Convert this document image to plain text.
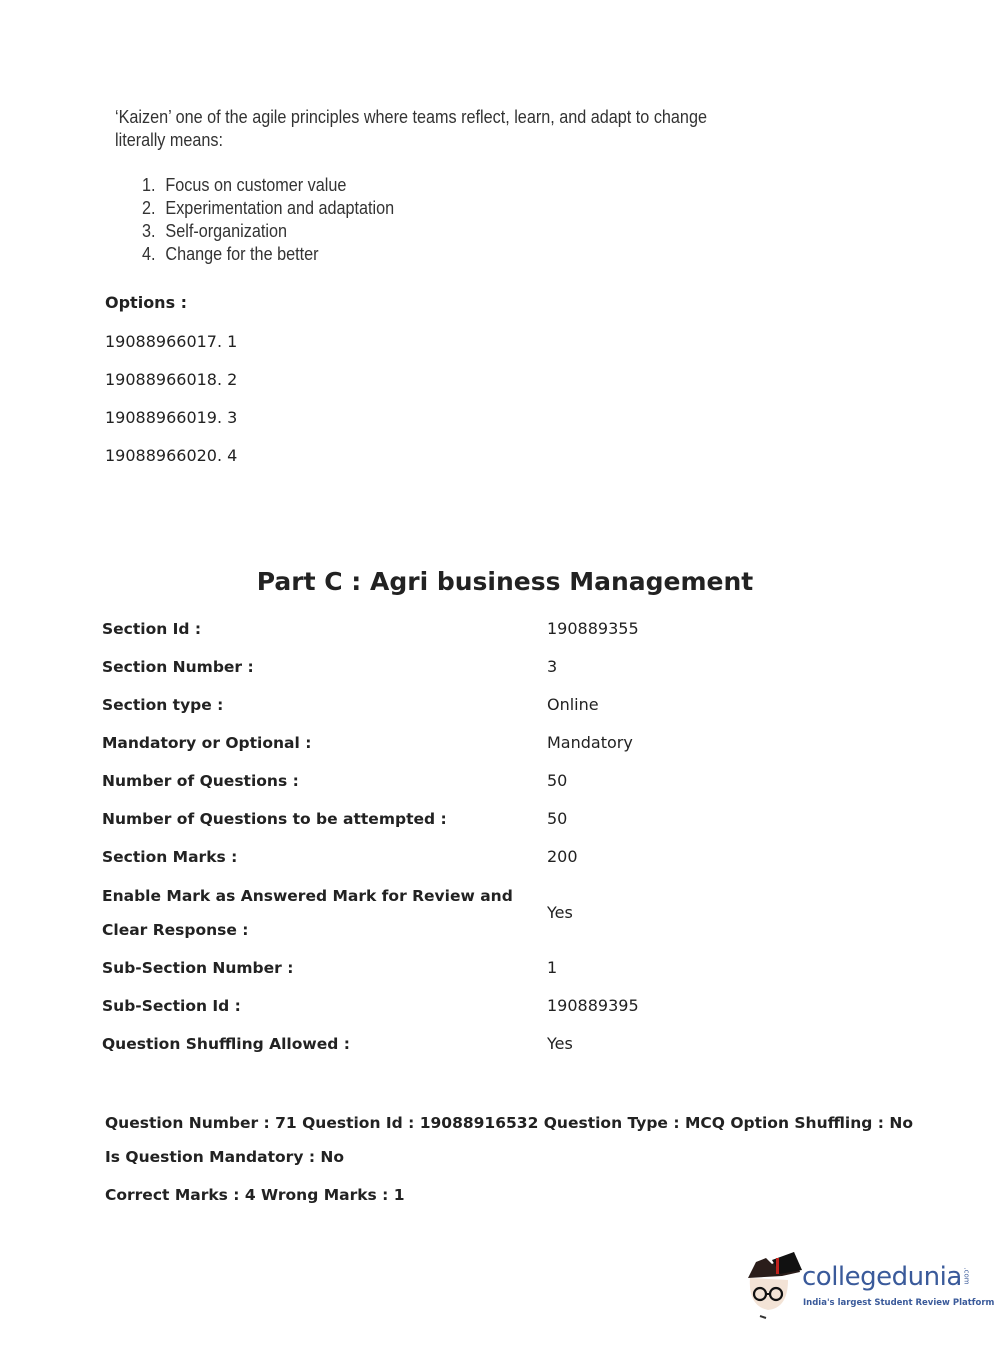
‘Kaizen’ one of the agile principles where teams reflect, learn, and adapt to change literally means:
1. Focus on customer value
2. Experimentation and adaptation
3. Self-organization
4. Change for the better
Options :
19088966017. 1
19088966018. 2
19088966019. 3
19088966020. 4
Part C : Agri business Management
Section Id :	190889355
Section Number :	3
Section type :	Online
Mandatory or Optional :	Mandatory
Number of Questions :	50
Number of Questions to be attempted :	50
Section Marks :	200
Enable Mark as Answered Mark for Review and Clear Response :
Yes
Sub-Section Number :	1
Sub-Section Id :	190889395
Question Shuffling Allowed :	Yes
Question Number : 71 Question Id : 19088916532 Question Type : MCQ Option Shuffling : No
Is Question Mandatory : No
Correct Marks : 4 Wrong Marks : 1
collegedunia .com
India's largest Student Review Platform
